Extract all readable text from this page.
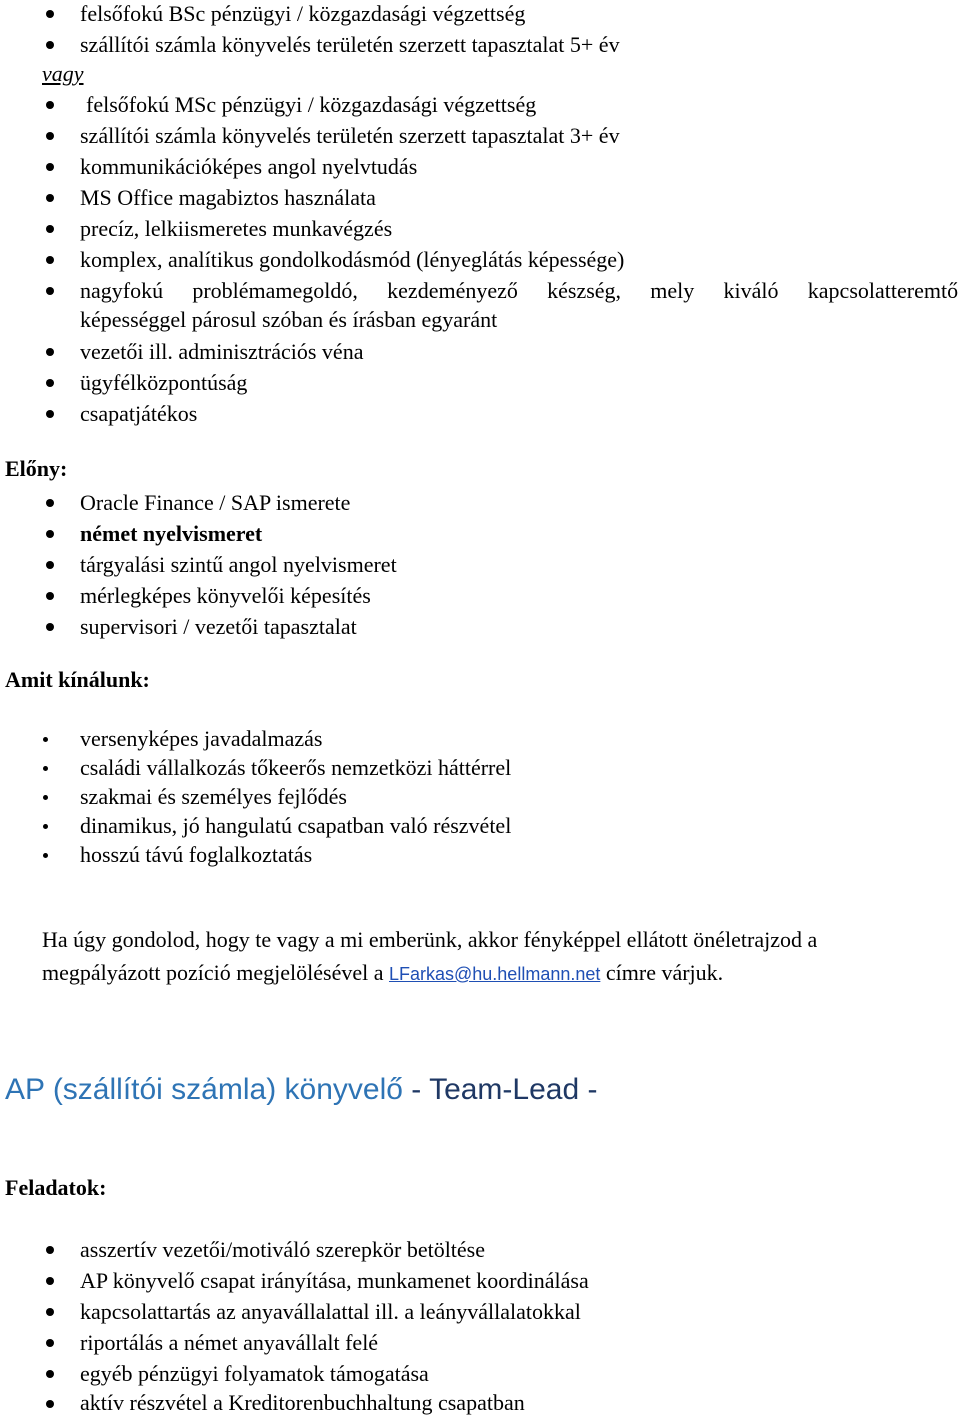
felsőfokú BSc pénzügyi / közgazdasági végzettség
szállítói számla könyvelés területén szerzett tapasztalat 5+ év
vagy
felsőfokú MSc pénzügyi / közgazdasági végzettség
szállítói számla könyvelés területén szerzett tapasztalat 3+ év
kommunikációképes angol nyelvtudás
MS Office magabiztos használata
precíz, lelkiismeretes munkavégzés
komplex, analítikus gondolkodásmód (lényeglátás képessége)
nagyfokú problémamegoldó, kezdeményező készség, mely kiváló kapcsolatteremtő
képességgel párosul szóban és írásban egyaránt
vezetői ill. adminisztrációs véna
ügyfélközpontúság
csapatjátékos
Előny:
Oracle Finance / SAP ismerete
német nyelvismeret
tárgyalási szintű angol nyelvismeret
mérlegképes könyvelői képesítés
supervisori / vezetői tapasztalat
Amit kínálunk:
versenyképes javadalmazás
családi vállalkozás tőkeerős nemzetközi háttérrel
szakmai és személyes fejlődés
dinamikus, jó hangulatú csapatban való részvétel
hosszú távú foglalkoztatás
Ha úgy gondolod, hogy te vagy a mi emberünk, akkor fényképpel ellátott önéletrajzod a
megpályázott pozíció megjelölésével a LFarkas@hu.hellmann.net címre várjuk.
AP (szállítói számla) könyvelő - Team-Lead -
Feladatok:
asszertív vezetői/motiváló szerepkör betöltése
AP könyvelő csapat irányítása, munkamenet koordinálása
kapcsolattartás az anyavállalattal ill. a leányvállalatokkal
riportálás a német anyavállalt felé
egyéb pénzügyi folyamatok támogatása
aktív részvétel a Kreditorenbuchhaltung csapatban
